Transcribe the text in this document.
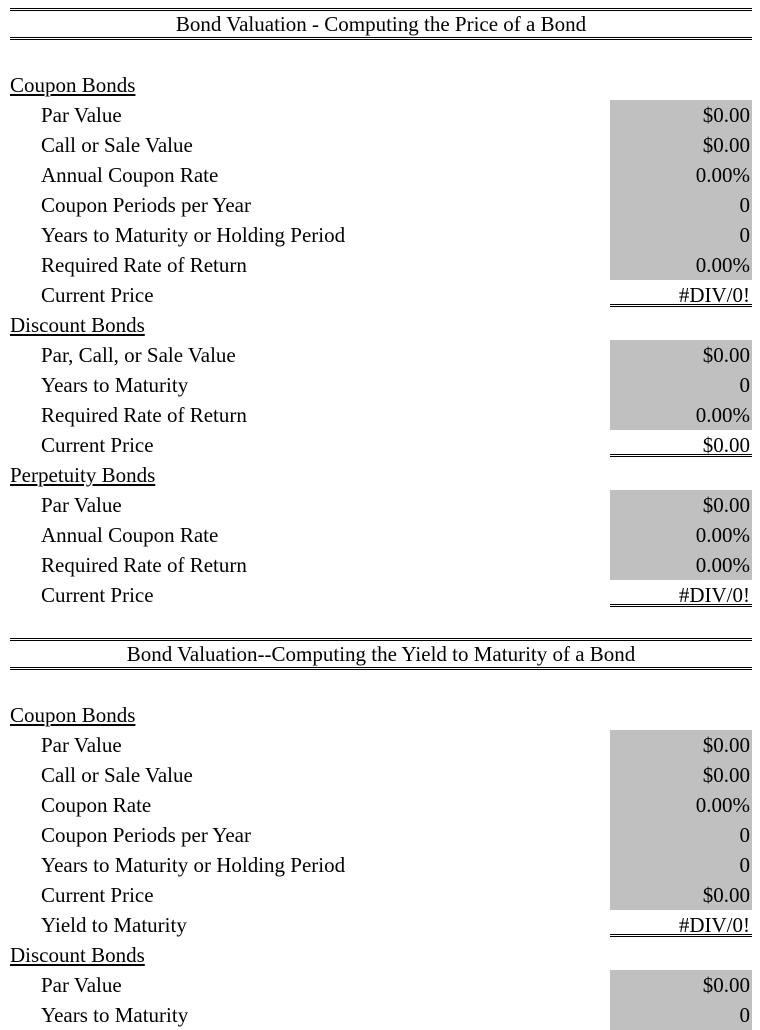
Bond Valuation - Computing the Price of a Bond
Coupon Bonds
Par Value	$0.00
Call or Sale Value	$0.00
Annual Coupon Rate	0.00%
Coupon Periods per Year	0
Years to Maturity or Holding Period	0
Required Rate of Return	0.00%
Current Price	#DIV/0!
Discount Bonds
Par, Call, or Sale Value	$0.00
Years to Maturity	0
Required Rate of Return	0.00%
Current Price	$0.00
Perpetuity Bonds
Par Value	$0.00
Annual Coupon Rate	0.00%
Required Rate of Return	0.00%
Current Price	#DIV/0!
Bond Valuation--Computing the Yield to Maturity of a Bond
Coupon Bonds
Par Value	$0.00
Call or Sale Value	$0.00
Coupon Rate	0.00%
Coupon Periods per Year	0
Years to Maturity or Holding Period	0
Current Price	$0.00
Yield to Maturity	#DIV/0!
Discount Bonds
Par Value	$0.00
Years to Maturity	0
